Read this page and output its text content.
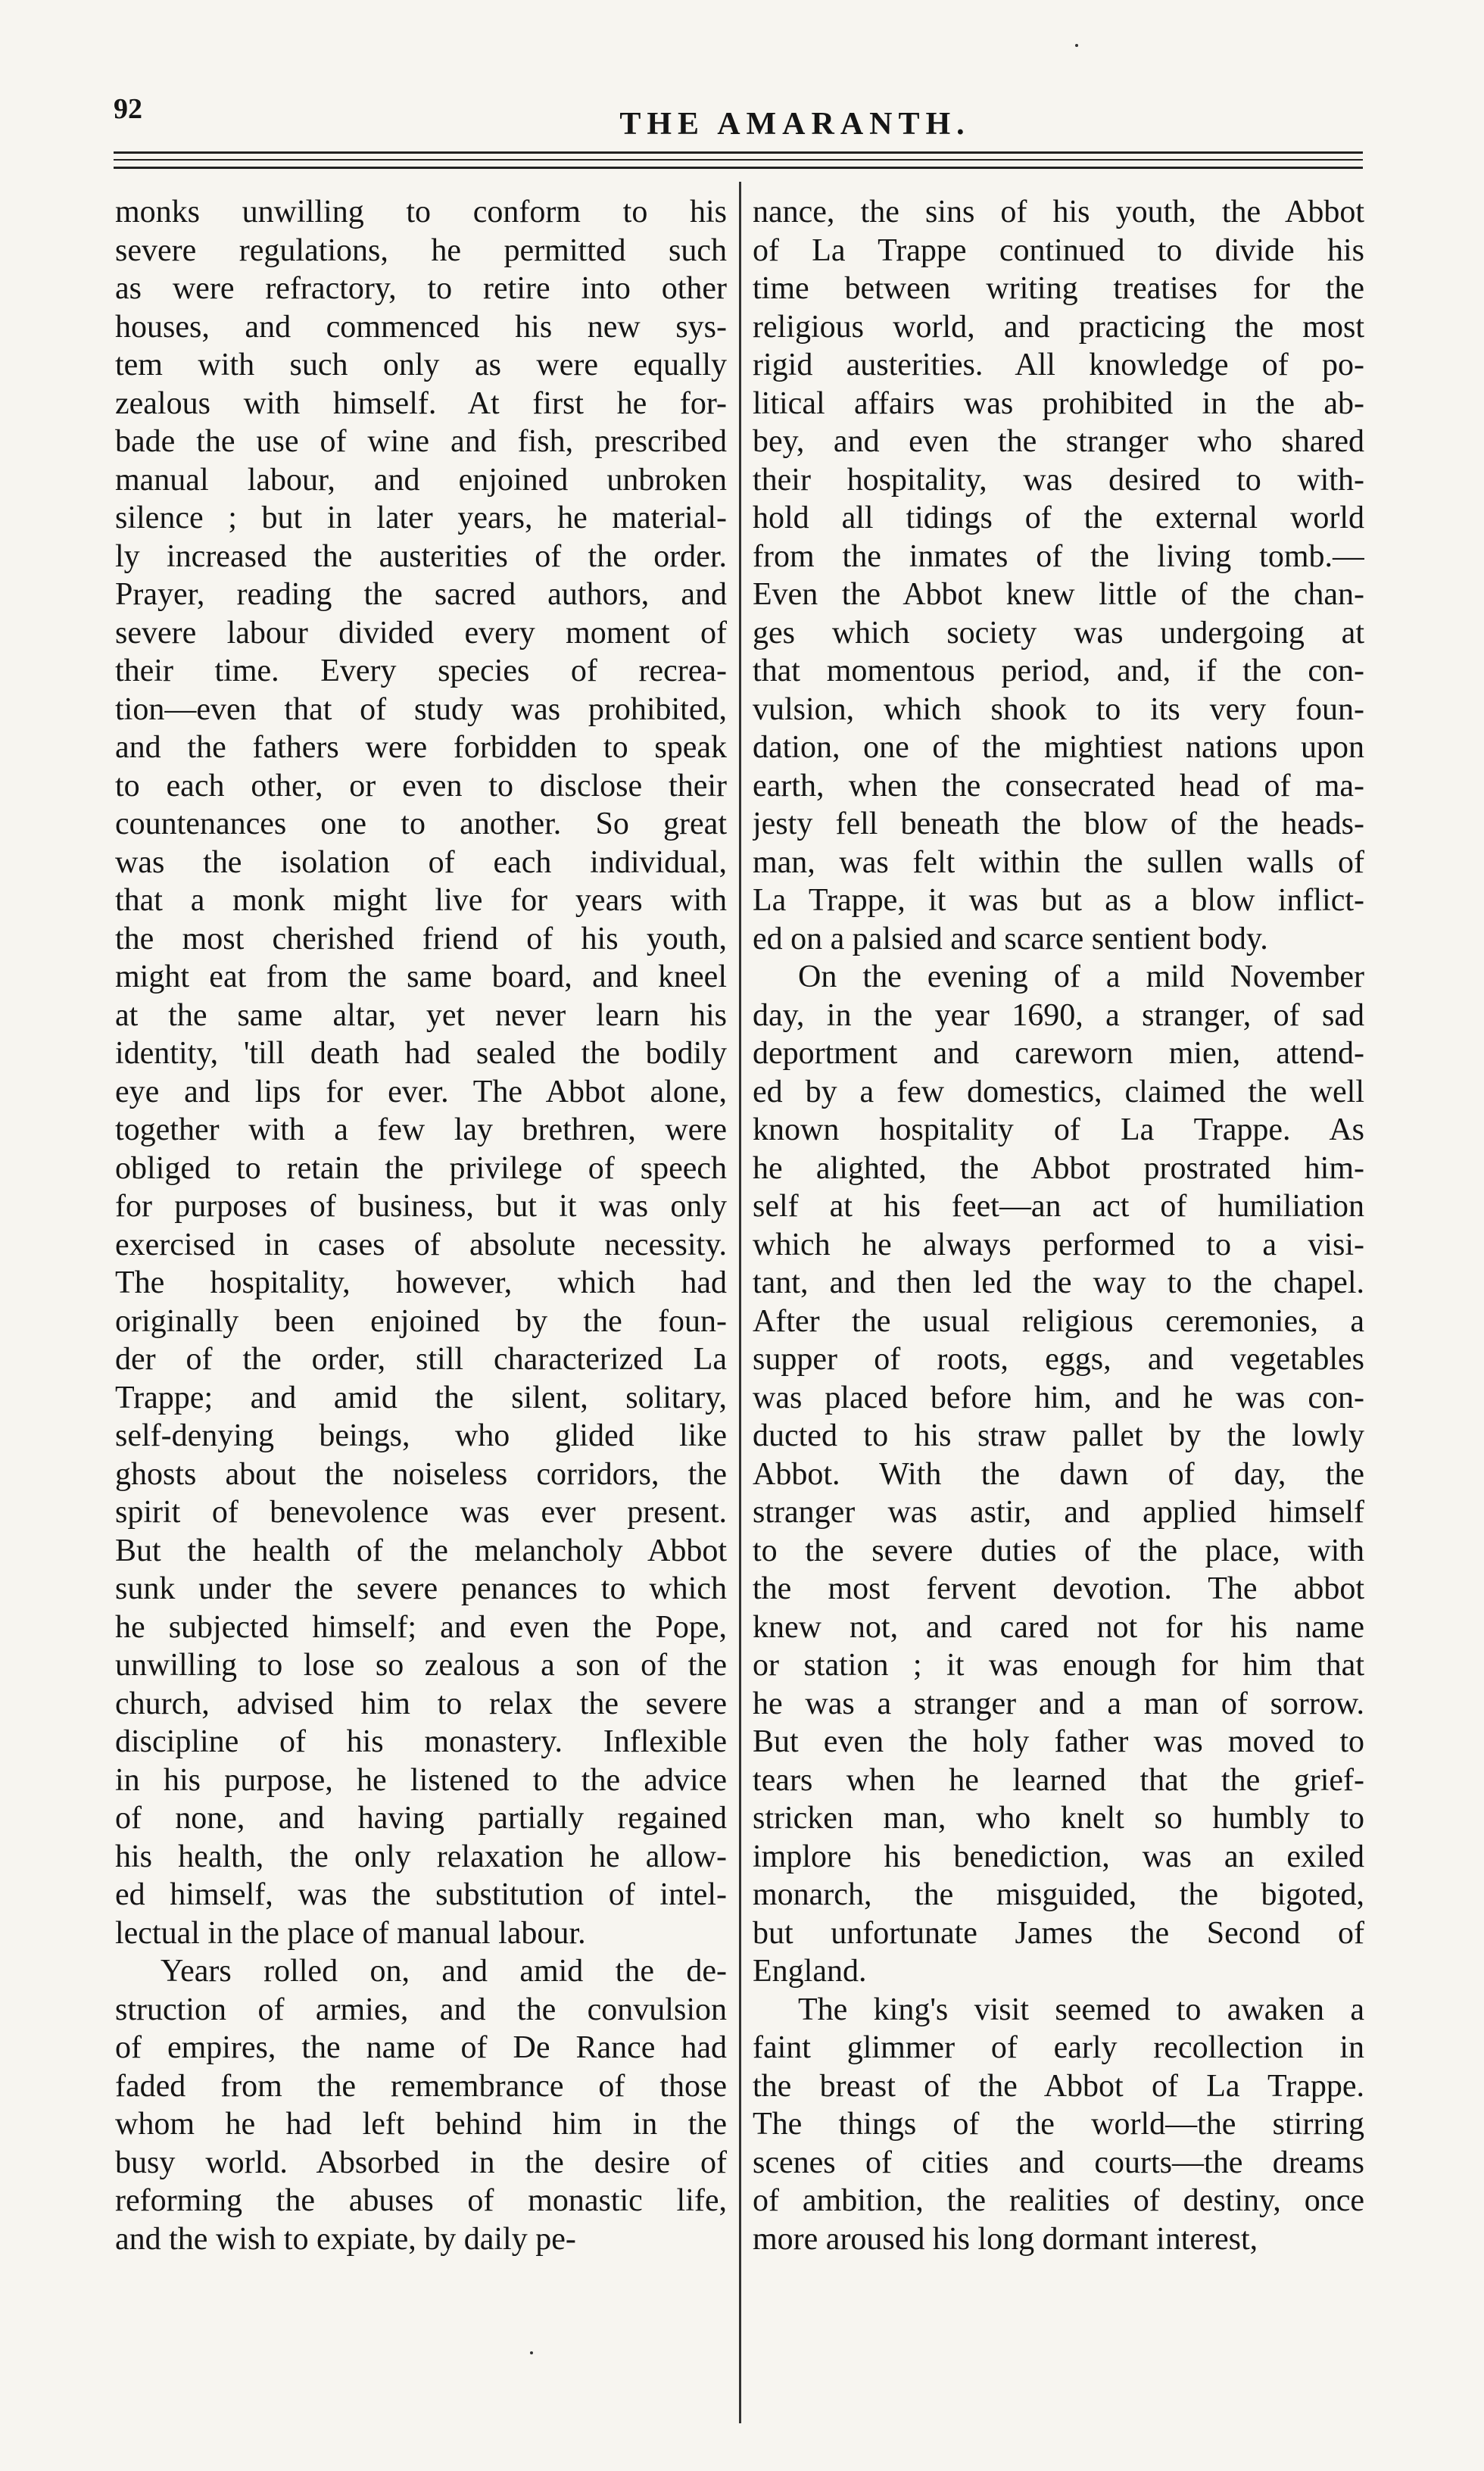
92	THE AMARANTH.
monks unwilling to conform to his
severe regulations, he permitted such
as were refractory, to retire into other
houses, and commenced his new sys-
tem with such only as were equally
zealous with himself. At first he for-
bade the use of wine and fish, prescribed
manual labour, and enjoined unbroken
silence ; but in later years, he material-
ly increased the austerities of the order.
Prayer, reading the sacred authors, and
severe labour divided every moment of
their time. Every species of recrea-
tion—even that of study was prohibited,
and the fathers were forbidden to speak
to each other, or even to disclose their
countenances one to another. So great
was the isolation of each individual,
that a monk might live for years with
the most cherished friend of his youth,
might eat from the same board, and kneel
at the same altar, yet never learn his
identity, 'till death had sealed the bodily
eye and lips for ever. The Abbot alone,
together with a few lay brethren, were
obliged to retain the privilege of speech
for purposes of business, but it was only
exercised in cases of absolute necessity.
The hospitality, however, which had
originally been enjoined by the foun-
der of the order, still characterized La
Trappe; and amid the silent, solitary,
self-denying beings, who glided like
ghosts about the noiseless corridors, the
spirit of benevolence was ever present.
But the health of the melancholy Abbot
sunk under the severe penances to which
he subjected himself; and even the Pope,
unwilling to lose so zealous a son of the
church, advised him to relax the severe
discipline of his monastery. Inflexible
in his purpose, he listened to the advice
of none, and having partially regained
his health, the only relaxation he allow-
ed himself, was the substitution of intel-
lectual in the place of manual labour.
Years rolled on, and amid the de-
struction of armies, and the convulsion
of empires, the name of De Rance had
faded from the remembrance of those
whom he had left behind him in the
busy world. Absorbed in the desire of
reforming the abuses of monastic life,
and the wish to expiate, by daily pe-
nance, the sins of his youth, the Abbot
of La Trappe continued to divide his
time between writing treatises for the
religious world, and practicing the most
rigid austerities. All knowledge of po-
litical affairs was prohibited in the ab-
bey, and even the stranger who shared
their hospitality, was desired to with-
hold all tidings of the external world
from the inmates of the living tomb.—
Even the Abbot knew little of the chan-
ges which society was undergoing at
that momentous period, and, if the con-
vulsion, which shook to its very foun-
dation, one of the mightiest nations upon
earth, when the consecrated head of ma-
jesty fell beneath the blow of the heads-
man, was felt within the sullen walls of
La Trappe, it was but as a blow inflict-
ed on a palsied and scarce sentient body.
On the evening of a mild November
day, in the year 1690, a stranger, of sad
deportment and careworn mien, attend-
ed by a few domestics, claimed the well
known hospitality of La Trappe. As
he alighted, the Abbot prostrated him-
self at his feet—an act of humiliation
which he always performed to a visi-
tant, and then led the way to the chapel.
After the usual religious ceremonies, a
supper of roots, eggs, and vegetables
was placed before him, and he was con-
ducted to his straw pallet by the lowly
Abbot. With the dawn of day, the
stranger was astir, and applied himself
to the severe duties of the place, with
the most fervent devotion. The abbot
knew not, and cared not for his name
or station ; it was enough for him that
he was a stranger and a man of sorrow.
But even the holy father was moved to
tears when he learned that the grief-
stricken man, who knelt so humbly to
implore his benediction, was an exiled
monarch, the misguided, the bigoted,
but unfortunate James the Second of
England.
The king's visit seemed to awaken a
faint glimmer of early recollection in
the breast of the Abbot of La Trappe.
The things of the world—the stirring
scenes of cities and courts—the dreams
of ambition, the realities of destiny, once
more aroused his long dormant interest,
